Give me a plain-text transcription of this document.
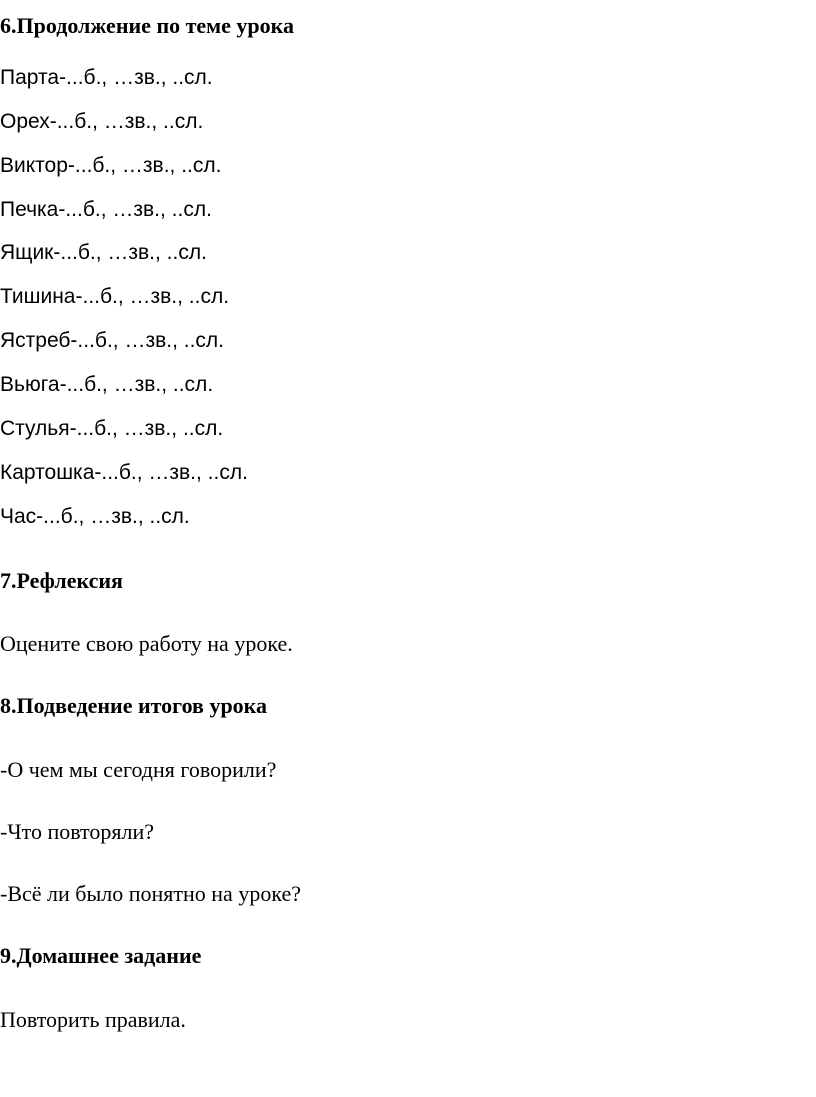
6.Продолжение по теме урока

Парта-...б., …зв., ..сл.

Орех-...б., …зв., ..сл.

Виктор-...б., …зв., ..сл.

Печка-...б., …зв., ..сл.

Ящик-...б., …зв., ..сл.

Тишина-...б., …зв., ..сл.

Ястреб-...б., …зв., ..сл.

Вьюга-...б., …зв., ..сл.

Стулья-...б., …зв., ..сл.

Картошка-...б., …зв., ..сл.

Час-...б., …зв., ..сл.

7.Рефлексия

Оцените свою работу на уроке.

8.Подведение итогов урока

-О чем мы сегодня говорили?

-Что повторяли?

-Всё ли было понятно на уроке?

9.Домашнее задание

Повторить правила.
